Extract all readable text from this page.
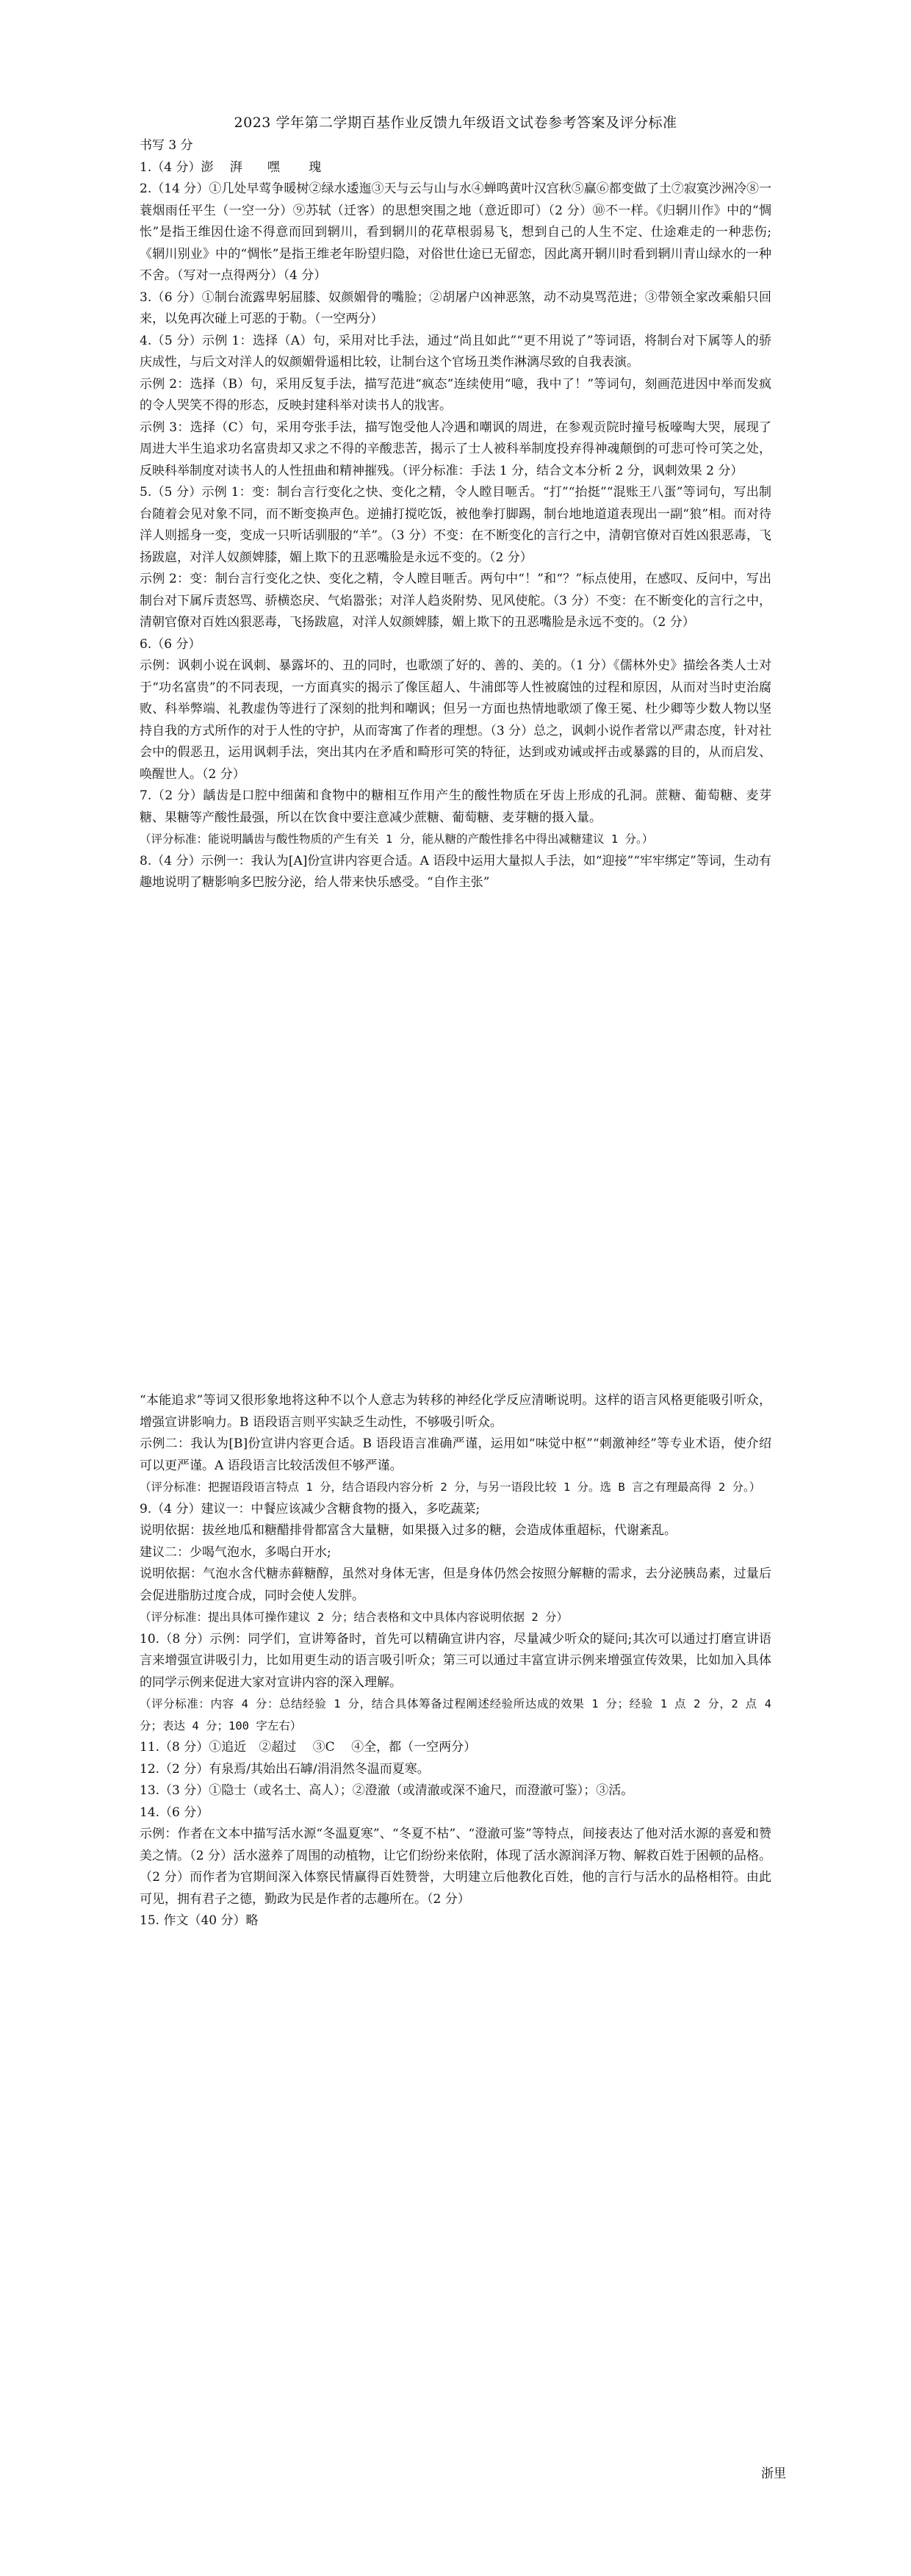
2023 学年第二学期百基作业反馈九年级语文试卷参考答案及评分标准

书写 3 分

1.（4 分）澎　 湃　　嘿　　 瑰

2.（14 分）①几处早莺争暖树②绿水逶迤③天与云与山与水④蝉鸣黄叶汉宫秋⑤赢⑥都变做了土⑦寂寞沙洲冷⑧一蓑烟雨任平生（一空一分）⑨苏轼（迁客）的思想突围之地（意近即可）（2 分）⑩不一样。《归辋川作》中的“惆怅”是指王维因仕途不得意而回到辋川，看到辋川的花草根弱易飞，想到自己的人生不定、仕途难走的一种悲伤;《辋川别业》中的“惆怅”是指王维老年盼望归隐，对俗世仕途已无留恋，因此离开辋川时看到辋川青山绿水的一种不舍。（写对一点得两分）（4 分）

3.（6 分）①制台流露卑躬屈膝、奴颜媚骨的嘴脸；②胡屠户凶神恶煞，动不动臭骂范进；③带领全家改乘船只回来，以免再次碰上可恶的于勒。（一空两分）

4.（5 分）示例 1：选择（A）句，采用对比手法，通过“尚且如此”“更不用说了”等词语，将制台对下属等人的骄庆成性，与后文对洋人的奴颜媚骨遥相比较，让制台这个官场丑类作淋漓尽致的自我表演。

示例 2：选择（B）句，采用反复手法，描写范进“疯态”连续使用“噫，我中了！”等词句，刻画范进因中举而发疯的令人哭笑不得的形态，反映封建科举对读书人的戕害。

示例 3：选择（C）句，采用夸张手法，描写饱受他人冷遇和嘲讽的周进，在参观贡院时撞号板嚎啕大哭，展现了周进大半生追求功名富贵却又求之不得的辛酸悲苦，揭示了士人被科举制度投弃得神魂颠倒的可悲可怜可笑之处，反映科举制度对读书人的人性扭曲和精神摧残。（评分标准：手法 1 分，结合文本分析 2 分，讽刺效果 2 分）

5.（5 分）示例 1：变：制台言行变化之快、变化之精，令人瞠目咂舌。“打”“抬挺”“混账王八蛋”等词句，写出制台随着会见对象不同，而不断变换声色。逆捕打搅吃饭，被他拳打脚踢，制台地地道道表现出一副“狼”相。而对待洋人则摇身一变，变成一只听话驯服的“羊”。（3 分）不变：在不断变化的言行之中，清朝官僚对百姓凶狠恶毒，飞扬跋扈，对洋人奴颜婢膝，媚上欺下的丑恶嘴脸是永远不变的。（2 分）

示例 2：变：制台言行变化之快、变化之精，令人瞠目咂舌。两句中“！”和“？”标点使用，在感叹、反问中，写出制台对下属斥责怒骂、骄横恣戾、气焰嚣张；对洋人趋炎附势、见风使舵。（3 分）不变：在不断变化的言行之中，清朝官僚对百姓凶狠恶毒，飞扬跋扈，对洋人奴颜婢膝，媚上欺下的丑恶嘴脸是永远不变的。（2 分）

6.（6 分）

示例：讽刺小说在讽刺、暴露坏的、丑的同时，也歌颂了好的、善的、美的。（1 分）《儒林外史》描绘各类人士对于“功名富贵”的不同表现，一方面真实的揭示了像匡超人、牛浦郎等人性被腐蚀的过程和原因，从而对当时吏治腐败、科举弊端、礼教虚伪等进行了深刻的批判和嘲讽；但另一方面也热情地歌颂了像王冕、杜少卿等少数人物以坚持自我的方式所作的对于人性的守护，从而寄寓了作者的理想。（3 分）总之，讽刺小说作者常以严肃态度，针对社会中的假恶丑，运用讽刺手法，突出其内在矛盾和畸形可笑的特征，达到或劝诫或抨击或暴露的目的，从而启发、唤醒世人。（2 分）

7.（2 分）龋齿是口腔中细菌和食物中的糖相互作用产生的酸性物质在牙齿上形成的孔洞。蔗糖、葡萄糖、麦芽糖、果糖等产酸性最强，所以在饮食中要注意减少蔗糖、葡萄糖、麦芽糖的摄入量。

（评分标准：能说明龋齿与酸性物质的产生有关 1 分，能从糖的产酸性排名中得出减糖建议 1 分。）

8.（4 分）示例一：我认为[A]份宣讲内容更合适。A 语段中运用大量拟人手法，如“迎接”“牢牢绑定”等词，生动有趣地说明了糖影响多巴胺分泌，给人带来快乐感受。“自作主张”

“本能追求”等词又很形象地将这种不以个人意志为转移的神经化学反应清晰说明。这样的语言风格更能吸引听众，增强宣讲影响力。B 语段语言则平实缺乏生动性，不够吸引听众。

示例二：我认为[B]份宣讲内容更合适。B 语段语言准确严谨，运用如“味觉中枢”“刺激神经”等专业术语，使介绍可以更严谨。A 语段语言比较活泼但不够严谨。

（评分标准：把握语段语言特点 1 分，结合语段内容分析 2 分，与另一语段比较 1 分。选 B 言之有理最高得 2 分。）

9.（4 分）建议一：中餐应该减少含糖食物的摄入，多吃蔬菜;

说明依据：拔丝地瓜和糖醋排骨都富含大量糖，如果摄入过多的糖，会造成体重超标，代谢紊乱。

建议二：少喝气泡水，多喝白开水;

说明依据：气泡水含代糖赤藓糖醇，虽然对身体无害，但是身体仍然会按照分解糖的需求，去分泌胰岛素，过量后会促进脂肪过度合成，同时会使人发胖。

（评分标准：提出具体可操作建议 2 分；结合表格和文中具体内容说明依据 2 分）

10.（8 分）示例：同学们，宣讲筹备时，首先可以精确宣讲内容，尽量减少听众的疑问;其次可以通过打磨宣讲语言来增强宣讲吸引力，比如用更生动的语言吸引听众；第三可以通过丰富宣讲示例来增强宣传效果，比如加入具体的同学示例来促进大家对宣讲内容的深入理解。

（评分标准：内容 4 分：总结经验 1 分，结合具体筹备过程阐述经验所达成的效果 1 分；经验 1 点 2 分，2 点 4 分；表达 4 分；100 字左右）

11.（8 分）①追近　②超过　 ③C　 ④全，都（一空两分）

12.（2 分）有泉焉/其始出石罅/涓涓然冬温而夏寒。

13.（3 分）①隐士（或名士、高人）；②澄澈（或清澈或深不逾尺，而澄澈可鉴）；③活。

14.（6 分）

示例：作者在文本中描写活水源“冬温夏寒”、“冬夏不枯”、“澄澈可鉴”等特点，间接表达了他对活水源的喜爱和赞美之情。（2 分）活水滋养了周围的动植物，让它们纷纷来依附，体现了活水源润泽万物、解救百姓于困顿的品格。（2 分）而作者为官期间深入体察民情赢得百姓赞誉，大明建立后他教化百姓，他的言行与活水的品格相符。由此可见，拥有君子之德，勤政为民是作者的志趣所在。（2 分）

15. 作文（40 分）略

浙里
